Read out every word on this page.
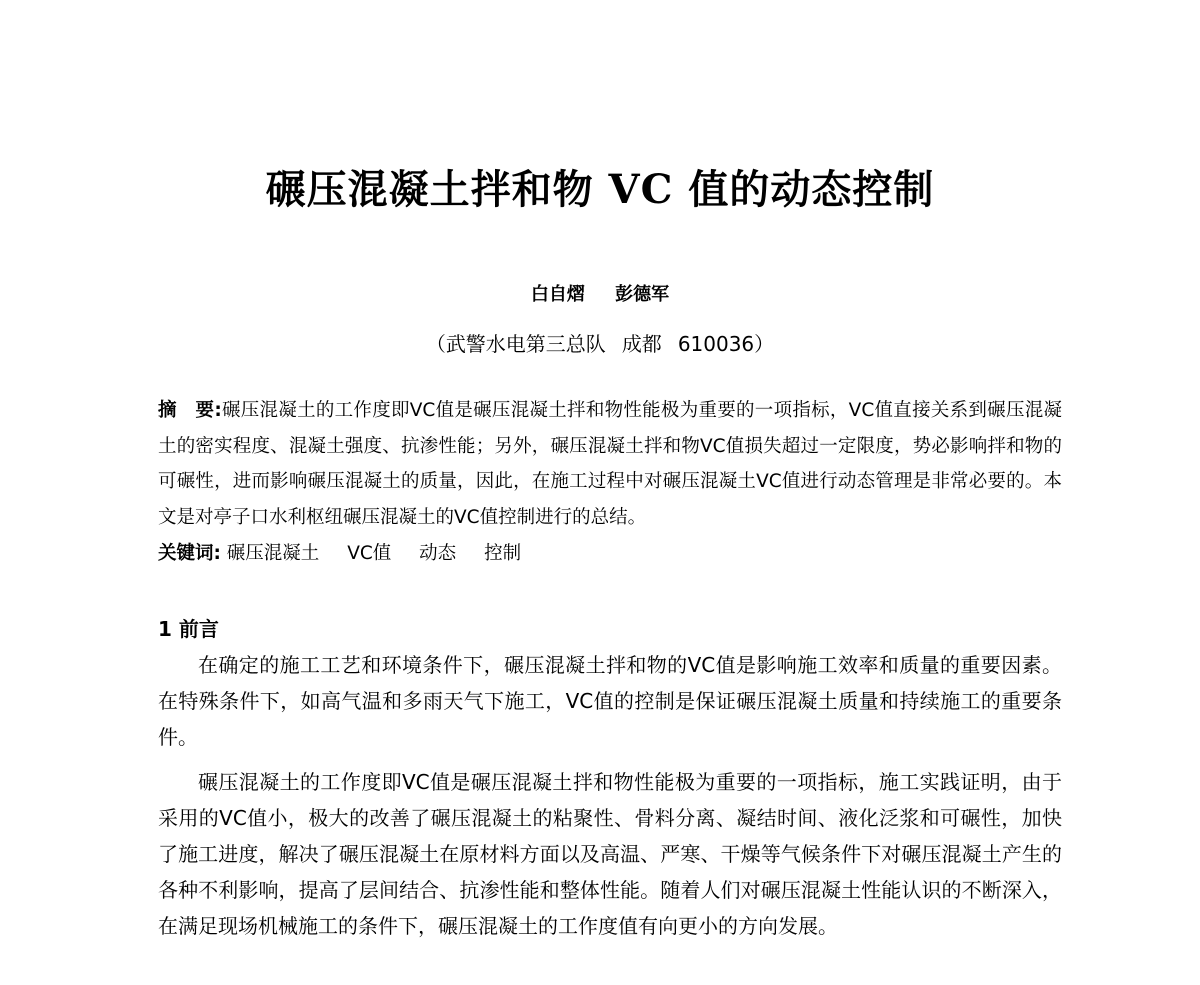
碾压混凝土拌和物 VC 值的动态控制
白自熠 彭德军
（武警水电第三总队 成都 610036）
摘　要:碾压混凝土的工作度即VC值是碾压混凝土拌和物性能极为重要的一项指标，VC值直接关系到碾压混凝土的密实程度、混凝土强度、抗渗性能；另外，碾压混凝土拌和物VC值损失超过一定限度，势必影响拌和物的可碾性，进而影响碾压混凝土的质量，因此，在施工过程中对碾压混凝土VC值进行动态管理是非常必要的。本文是对亭子口水利枢纽碾压混凝土的VC值控制进行的总结。
关键词: 碾压混凝土 VC值 动态 控制
1 前言

在确定的施工工艺和环境条件下，碾压混凝土拌和物的VC值是影响施工效率和质量的重要因素。在特殊条件下，如高气温和多雨天气下施工，VC值的控制是保证碾压混凝土质量和持续施工的重要条件。

碾压混凝土的工作度即VC值是碾压混凝土拌和物性能极为重要的一项指标，施工实践证明，由于采用的VC值小，极大的改善了碾压混凝土的粘聚性、骨料分离、凝结时间、液化泛浆和可碾性，加快了施工进度，解决了碾压混凝土在原材料方面以及高温、严寒、干燥等气候条件下对碾压混凝土产生的各种不利影响，提高了层间结合、抗渗性能和整体性能。随着人们对碾压混凝土性能认识的不断深入，在满足现场机械施工的条件下，碾压混凝土的工作度值有向更小的方向发展。
